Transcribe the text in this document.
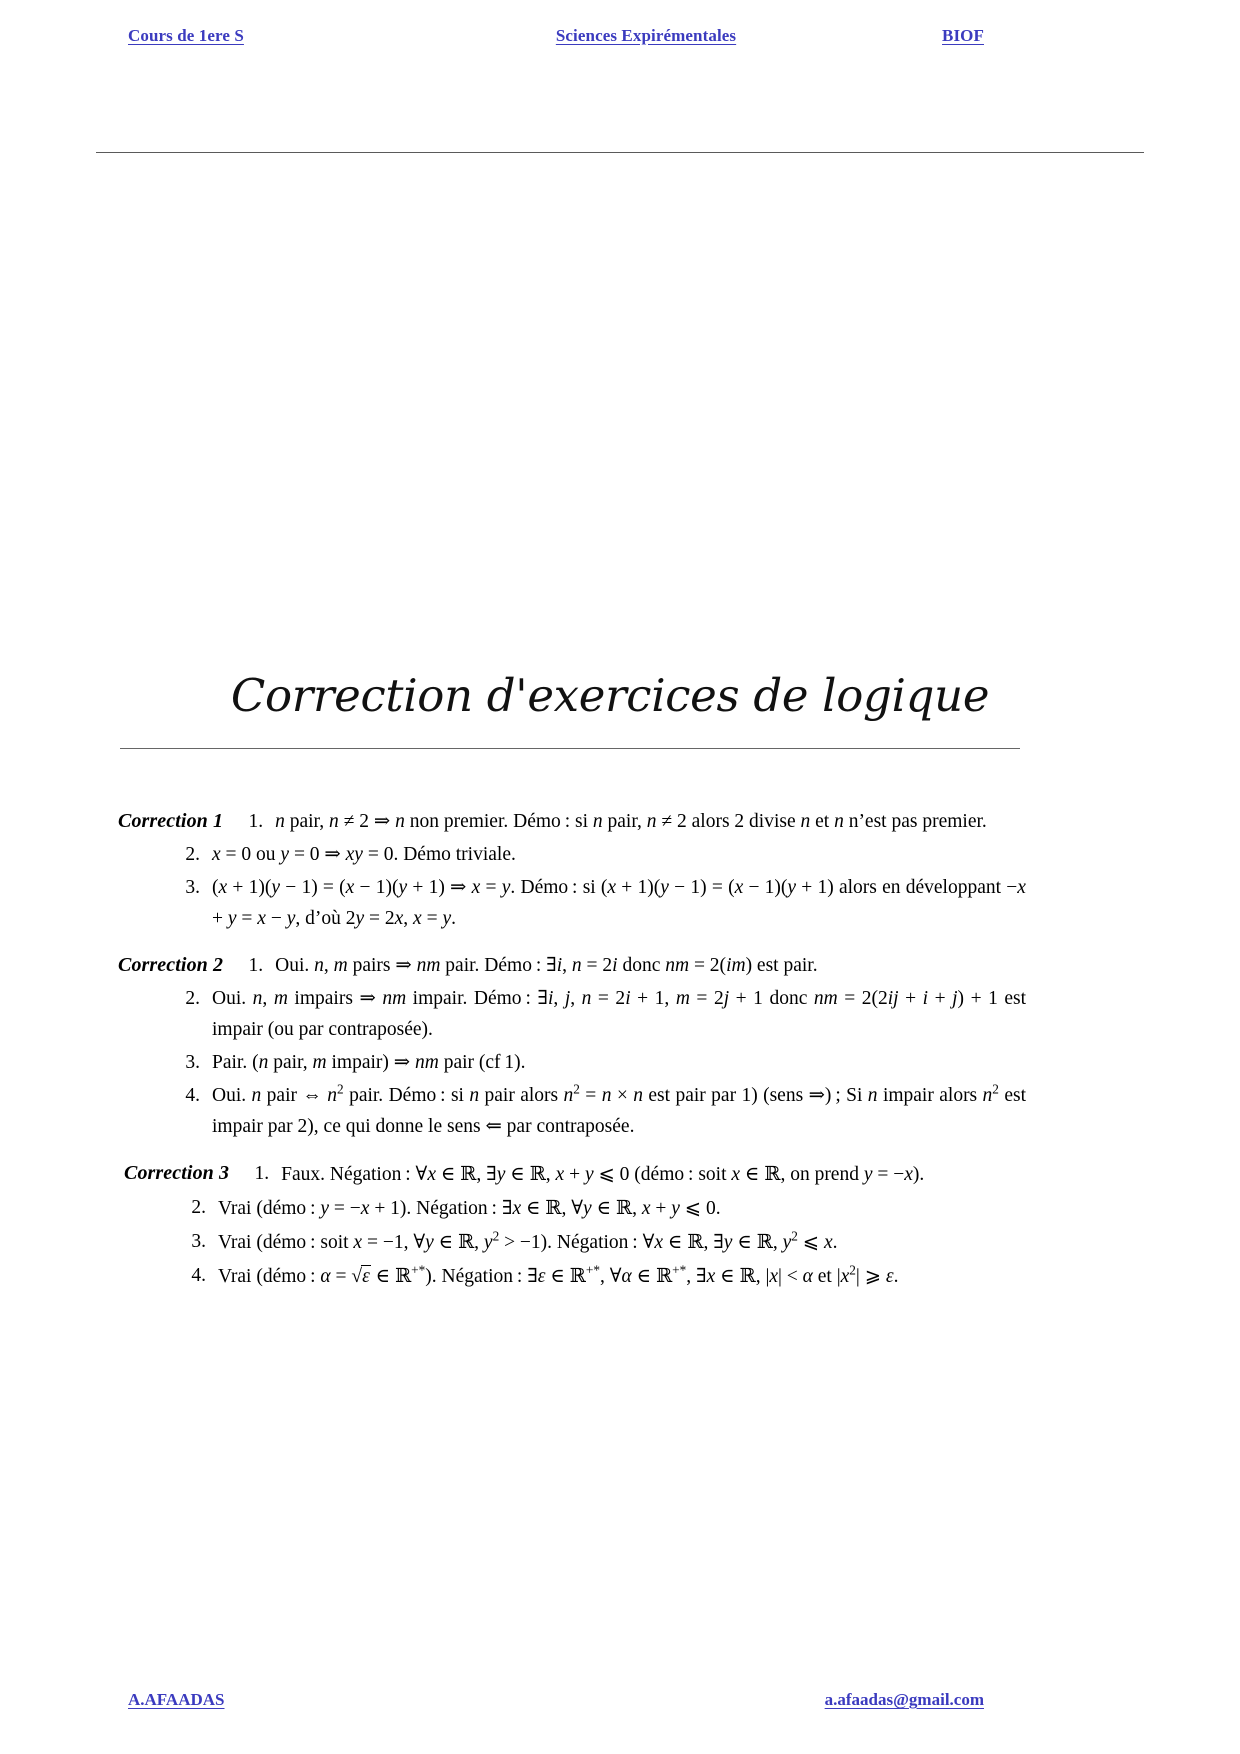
Cours de 1ere S	Sciences Expirémentales	BIOF
Correction d'exercices de logique
Correction 1	1. n pair, n ≠ 2 ⇒ n non premier. Démo : si n pair, n ≠ 2 alors 2 divise n et n n’est pas premier.
2. x = 0 ou y = 0 ⇒ xy = 0. Démo triviale.
3. (x + 1)(y − 1) = (x − 1)(y + 1) ⇒ x = y. Démo : si (x + 1)(y − 1) = (x − 1)(y + 1) alors en développant −x + y = x − y, d’où 2y = 2x, x = y.
Correction 2	1. Oui. n, m pairs ⇒ nm pair. Démo : ∃i, n = 2i donc nm = 2(im) est pair.
2. Oui. n, m impairs ⇒ nm impair. Démo : ∃i, j, n = 2i + 1, m = 2j + 1 donc nm = 2(2ij + i + j) + 1 est impair (ou par contraposée).
3. Pair. (n pair, m impair) ⇒ nm pair (cf 1).
4. Oui. n pair ⇔ $n^2$ pair. Démo : si n pair alors $n^2 = n \times n$ est pair par 1) (sens ⇒) ; Si n impair alors $n^2$ est impair par 2), ce qui donne le sens ⇐ par contraposée.
Correction 3	1. Faux. Négation : ∀x ∈ ℝ, ∃y ∈ ℝ, x + y ⩽ 0 (démo : soit x ∈ ℝ, on prend y = −x).
2. Vrai (démo : y = −x + 1). Négation : ∃x ∈ ℝ, ∀y ∈ ℝ, x + y ⩽ 0.
3. Vrai (démo : soit x = −1, ∀y ∈ ℝ, $y^2 > -1$). Négation : ∀x ∈ ℝ, ∃y ∈ ℝ, $y^2$ ⩽ x.
4. Vrai (démo : α = √ε ∈ ℝ+*). Négation : ∃ε ∈ ℝ+*, ∀α ∈ ℝ+*, ∃x ∈ ℝ, |x| < α et $|x^2|$ ⩾ ε.
A.AFAADAS	a.afaadas@gmail.com
